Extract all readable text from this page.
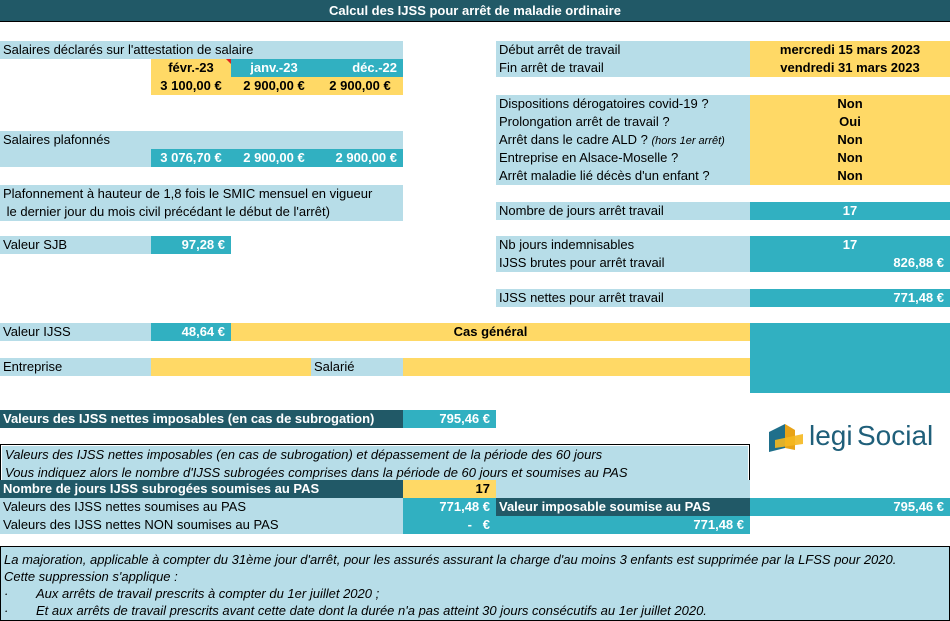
Calcul des IJSS pour arrêt de maladie ordinaire
Salaires déclarés sur l'attestation de salaire
févr.-23	janv.-23	déc.-22
3 100,00 €	2 900,00 €	2 900,00 €
Salaires plafonnés
3 076,70 €	2 900,00 €	2 900,00 €
Plafonnement à hauteur de 1,8 fois le SMIC mensuel en vigueur
le dernier jour du mois civil précédant le début de l'arrêt)
Valeur SJB	97,28 €
Valeur IJSS	48,64 €	Cas général
Entreprise	Salarié
Valeurs des IJSS nettes imposables (en cas de subrogation)	795,46 €
Début arrêt de travail	mercredi 15 mars 2023
Fin arrêt de travail	vendredi 31 mars 2023
Dispositions dérogatoires covid-19 ?	Non
Prolongation arrêt de travail ?	Oui
Arrêt dans le cadre ALD ? (hors 1er arrêt)	Non
Entreprise en Alsace-Moselle ?	Non
Arrêt maladie lié décès d'un enfant ?	Non
Nombre de jours arrêt travail	17
Nb jours indemnisables	17
IJSS brutes pour arrêt travail	826,88 €
IJSS nettes pour arrêt travail	771,48 €
legi Social
Valeurs des IJSS nettes imposables (en cas de subrogation) et dépassement de la période des 60 jours
Vous indiquez alors le nombre d'IJSS subrogées comprises dans la période de 60 jours et soumises au PAS
Nombre de jours IJSS subrogées soumises au PAS	17
Valeurs des IJSS nettes soumises au PAS	771,48 € Valeur imposable soumise au PAS	795,46 €
Valeurs des IJSS nettes NON soumises au PAS	-   €	771,48 €
La majoration, applicable à compter du 31ème jour d'arrêt, pour les assurés assurant la charge d'au moins 3 enfants est supprimée par la LFSS pour 2020.
Cette suppression s'applique :
· Aux arrêts de travail prescrits à compter du 1er juillet 2020 ;
· Et aux arrêts de travail prescrits avant cette date dont la durée n'a pas atteint 30 jours consécutifs au 1er juillet 2020.
